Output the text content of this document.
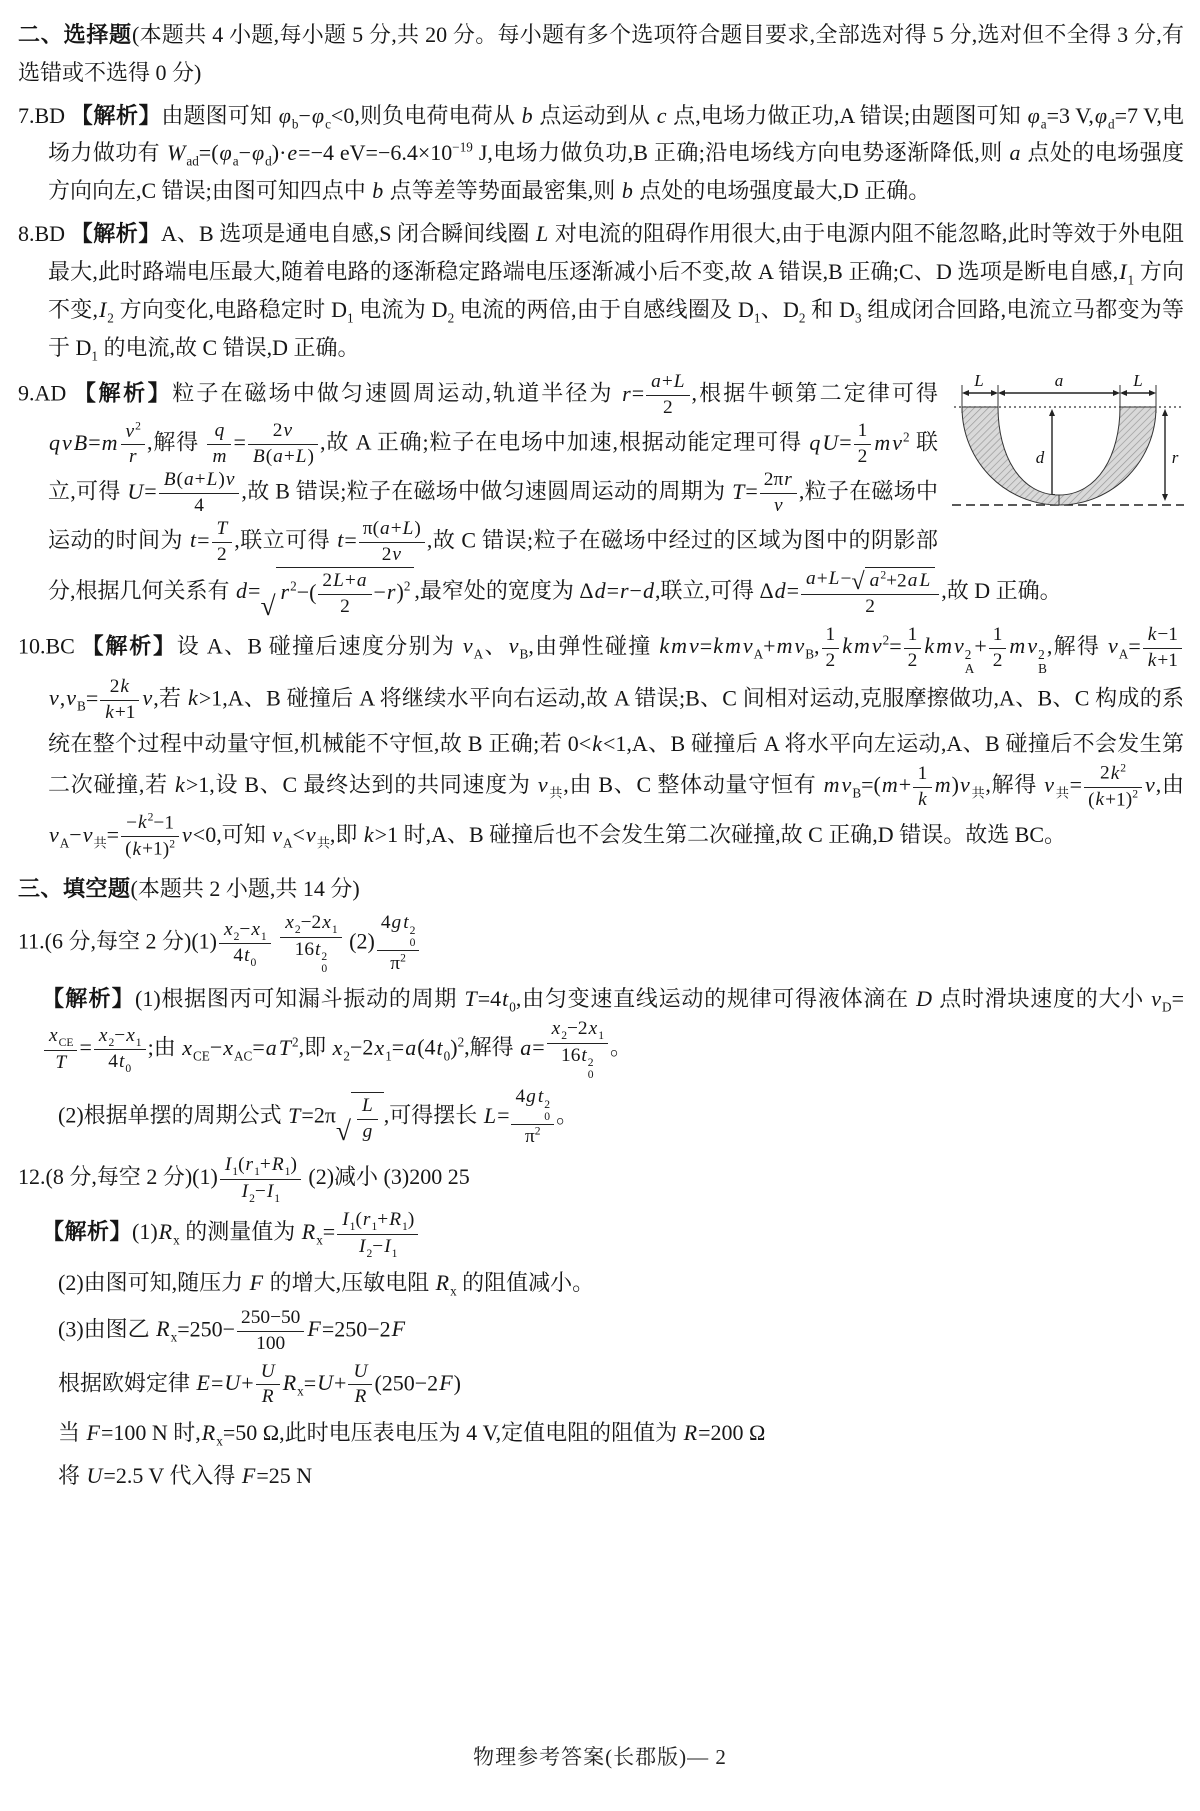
二、选择题(本题共 4 小题,每小题 5 分,共 20 分。每小题有多个选项符合题目要求,全部选对得 5 分,选对但不全得 3 分,有选错或不选得 0 分)
7.BD 【解析】由题图可知 $\varphi_b-\varphi_c<0$,则负电荷电荷从 b 点运动到从 c 点,电场力做正功,A 错误;由题图可知 $\varphi_a=3$ $V,\varphi_d=7$ V,电场力做功有 $W_{ad}=(\varphi_a-\varphi_d)\cdot e=-4$ $eV=-6.4\times 10^{-19}$ J,电场力做负功,B 正确;沿电场线方向电势逐渐降低,则 a 点处的电场强度方向向左,C 错误;由图可知四点中 b 点等差等势面最密集,则 b 点处的电场强度最大,D 正确。
8.BD 【解析】A、B 选项是通电自感,S 闭合瞬间线圈 L 对电流的阻碍作用很大,由于电源内阻不能忽略,此时等效于外电阻最大,此时路端电压最大,随着电路的逐渐稳定路端电压逐渐减小后不变,故 A 错误,B 正确;C、D 选项是断电自感$,I_1$ 方向不变$,I_2$ 方向变化,电路稳定时 $D_1$ 电流为 $D_2$ 电流的两倍,由于自感线圈及 $D_1$、$D_2$ 和 $D_3$ 组成闭合回路,电流立马都变为等于 $D_1$ 的电流,故 C 错误,D 正确。
L	a	L
d	r
9.AD 【解析】粒子在磁场中做匀速圆周运动,轨道半径为 $r= \frac{a+L}{2}$ ,根据牛顿第二定律可得 $qvB=m \frac{v^2}{r}$ ,解得 $\frac{q}{m} = \frac{2v}{B(a+L)}$ ,故 A 正确;粒子在电场中加速,根据动能定理可得 $qU= \frac{1}{2} mv^2$ 联立,可得 $U= \frac{B(a+L)v}{4}$ ,故 B 错误;粒子在磁场中做匀速圆周运动的周期为 $T= \frac{2\pi r}{v}$ ,粒子在磁场中运动的时间为 $t= \frac{T}{2}$ ,联立可得 $t= \frac{\pi(a+L)}{2v}$ ,故 C 错误;粒子在磁场中经过的区域为图中的阴影部分,根据几何关系有 d= √ $r^2-( \frac{2L+a}{2} -r)^2$ ,最窄处的宽度为 Δd=r−d,联立,可得 $\Delta d= \frac{a+L- √ a^2+2a L}{2}$ ,故 D 正确。
10.BC 【解析】设 A、B 碰撞后速度分别为 $v_A$、$v_B$,由弹性碰撞 $kmv=kmv_A+mv_B$, $\frac{1}{2} kmv^2= \frac{1}{2}$ kmv 2
A
+ $\frac{1}{2}$ mv 2
B
,解得 $v_A= \frac{k-1}{k+1}$
$v,v_B= \frac{2k}{k+1} v$,若 k>1,A、B 碰撞后 A 将继续水平向右运动,故 A 错误;B、C 间相对运动,克服摩擦做功,A、B、C 构成的系统在整个过程中动量守恒,机械能不守恒,故 B 正确;若 0<k<1,A、B 碰撞后 A 将水平向左运动,A、B 碰撞后不会发生第二次碰撞,若 k>1,设 B、C 最终达到的共同速度为 $v_共$,由 B、C 整体动量守恒有 $mv_B=(m+ \frac{1}{k} m)v_共$,解得 $v_共= \frac{2k^2}{(k+1)^2} v$,由 $v_A-v_共= \frac{-k^2-1}{(k+1)^2} v<0$,可知 $v_A<v_共$,即 k>1 时,A、B 碰撞后也不会发生第二次碰撞,故 C 正确,D 错误。故选 BC。
三、填空题(本题共 2 小题,共 14 分)
11.(6 分,每空 2 分)$(1) \frac{x_2-x_1}{4t_0}$
$x_2-2x_1$
16t 2
0 (2) 4g t 2
0
$\pi^2$
【解析】(1)根据图丙可知漏斗振动的周期 $T=4t_0$,由匀变速直线运动的规律可得液体滴在 D 点时滑块速度的大小 $v_D=$
$\frac{x_{CE}}{T} = \frac{x_2-x_1}{4t_0}$ ;由 $x_{CE}-x_{AC}=aT^2$,即 $x_2-2x_1=a(4t_0)^2$,解得 $a= x_2-2x_1$
16t 2
0 。
(2)根据单摆的周期公式 T=2π √ $\frac{L}{g}$ ,可得摆长 L= 4g t 2
0
$\pi^2$ 。
12.(8 分,每空 2 分)$(1) \frac{I_1(r_1+R_1)}{I_2-I_1} (2)$减小 (3)200 25
【解析】$(1)R_x$ 的测量值为 $R_x= \frac{I_1(r_1+R_1)}{I_2-I_1}$
(2)由图可知,随压力 F 的增大,压敏电阻 $R_x$ 的阻值减小。
(3)由图乙 $R_x=250- \frac{250-50}{100} F=250-2F$
根据欧姆定律 $E=U+ \frac{U}{R} R_x=U+ \frac{U}{R} (250-2F)$
当 F=100 N 时$,R_x=50$ Ω,此时电压表电压为 4 V,定值电阻的阻值为 R=200 Ω
将 U=2.5 V 代入得 F=25 N
物理参考答案(长郡版)— 2
